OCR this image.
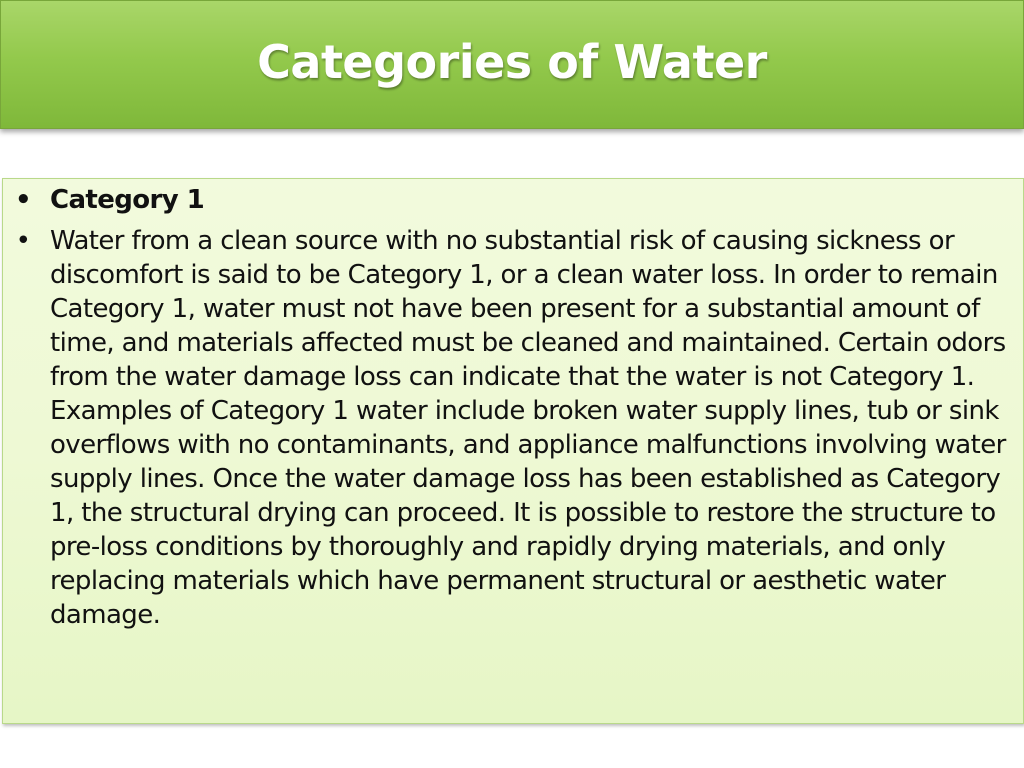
Categories of Water
• Category 1
• Water from a clean source with no substantial risk of causing sickness or discomfort is said to be Category 1, or a clean water loss. In order to remain Category 1, water must not have been present for a substantial amount of time, and materials affected must be cleaned and maintained. Certain odors from the water damage loss can indicate that the water is not Category 1. Examples of Category 1 water include broken water supply lines, tub or sink overflows with no contaminants, and appliance malfunctions involving water supply lines. Once the water damage loss has been established as Category 1, the structural drying can proceed. It is possible to restore the structure to pre-loss conditions by thoroughly and rapidly drying materials, and only replacing materials which have permanent structural or aesthetic water damage.
